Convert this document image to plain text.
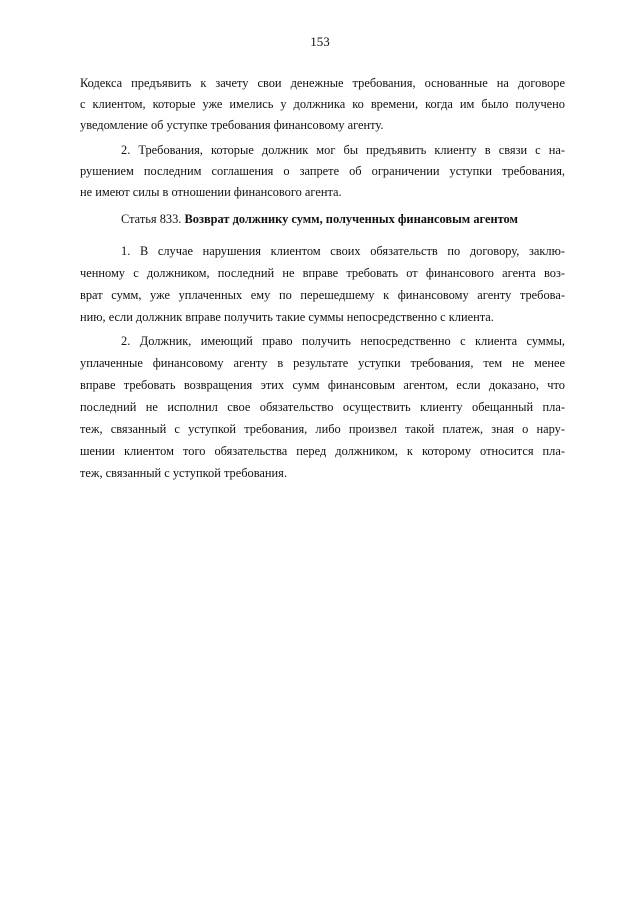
153
Кодекса предъявить к зачету свои денежные требования, основанные на договоре
с клиентом, которые уже имелись у должника ко времени, когда им было получено
уведомление об уступке требования финансовому агенту.
2. Требования, которые должник мог бы предъявить клиенту в связи с на-
рушением последним соглашения о запрете об ограничении уступки требования,
не имеют силы в отношении финансового агента.
Статья 833. Возврат должнику сумм, полученных финансовым агентом
1. В случае нарушения клиентом своих обязательств по договору, заклю-
ченному с должником, последний не вправе требовать от финансового агента воз-
врат сумм, уже уплаченных ему по перешедшему к финансовому агенту требова-
нию, если должник вправе получить такие суммы непосредственно с клиента.
2. Должник, имеющий право получить непосредственно с клиента суммы,
уплаченные финансовому агенту в результате уступки требования, тем не менее
вправе требовать возвращения этих сумм финансовым агентом, если доказано, что
последний не исполнил свое обязательство осуществить клиенту обещанный пла-
теж, связанный с уступкой требования, либо произвел такой платеж, зная о нару-
шении клиентом того обязательства перед должником, к которому относится пла-
теж, связанный с уступкой требования.
